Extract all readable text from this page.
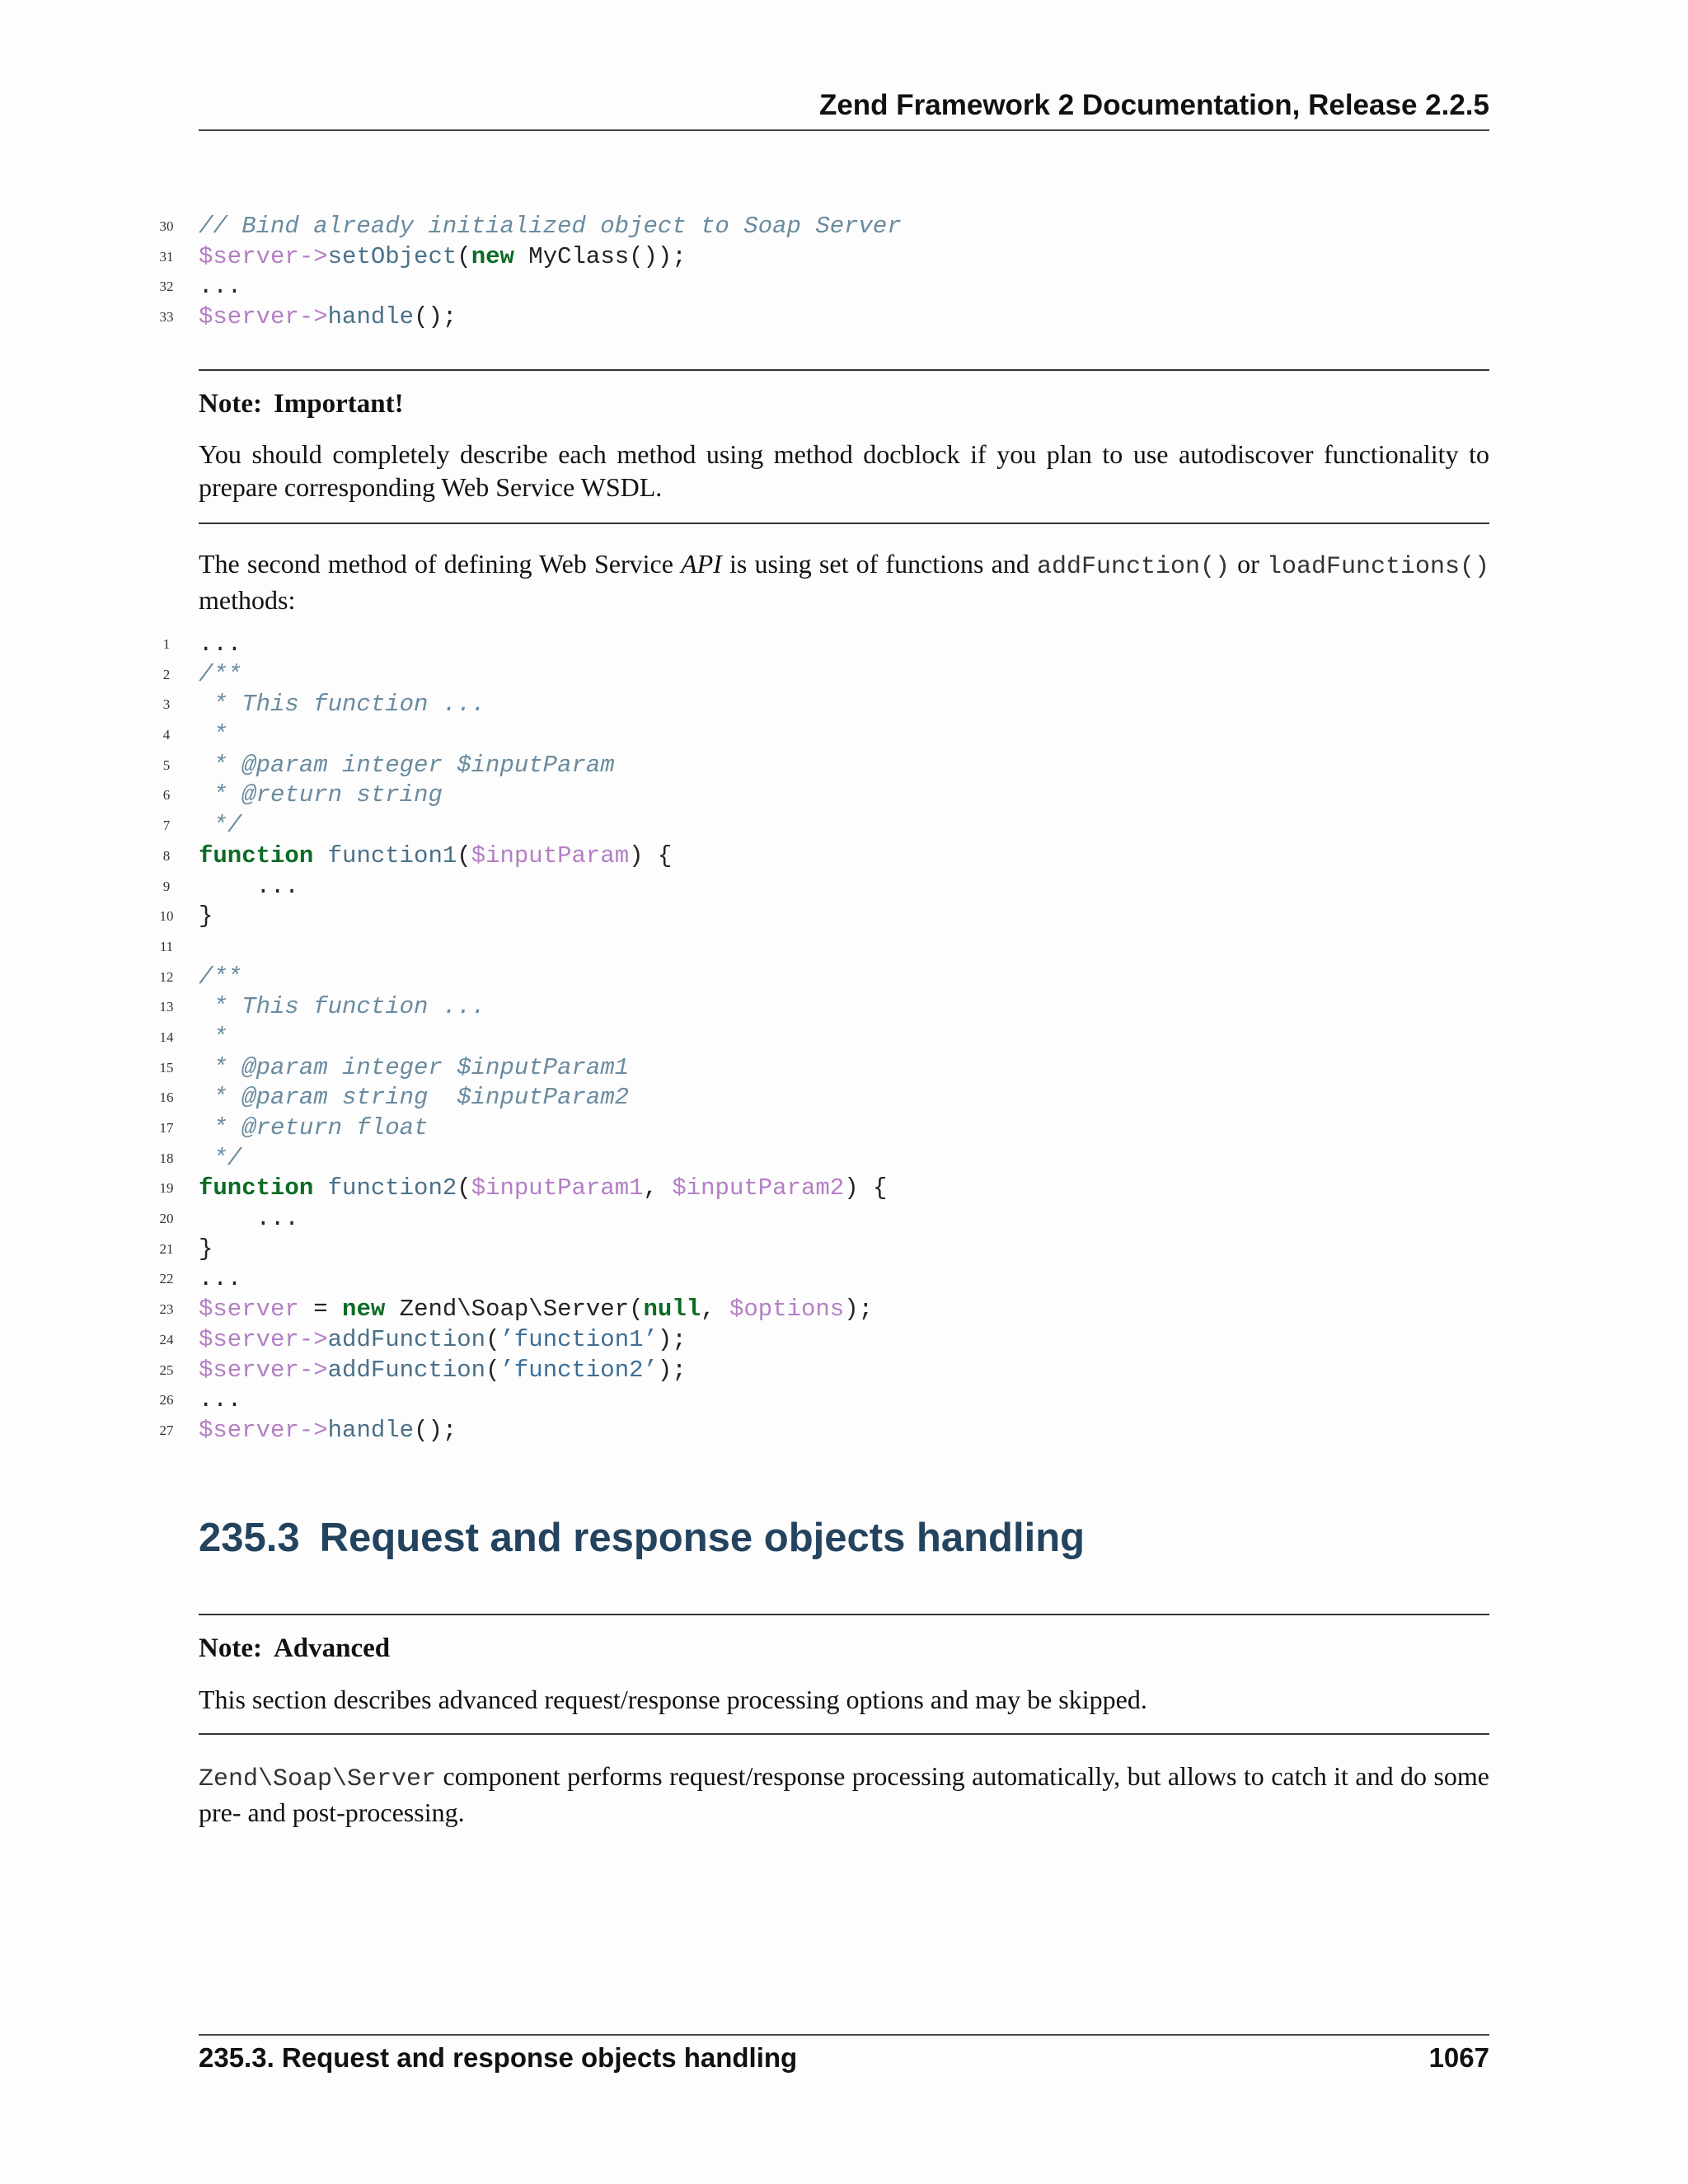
Zend Framework 2 Documentation, Release 2.2.5
30	// Bind already initialized object to Soap Server
31	$server->setObject(new MyClass());
32	...
33	$server->handle();
Note: Important!
You should completely describe each method using method docblock if you plan to use autodiscover functionality to prepare corresponding Web Service WSDL.
The second method of defining Web Service API is using set of functions and addFunction() or loadFunctions() methods:
1	...
2	/**
3	* This function ...
4	*
5	* @param integer $inputParam
6	* @return string
7	*/
8	function function1($inputParam) {
9	...
10	}
11
12	/**
13	* This function ...
14	*
15	* @param integer $inputParam1
16	* @param string  $inputParam2
17	* @return float
18	*/
19	function function2($inputParam1, $inputParam2) {
20	...
21	}
22	...
23	$server = new Zend\Soap\Server(null, $options);
24	$server->addFunction(’function1’);
25	$server->addFunction(’function2’);
26	...
27	$server->handle();
235.3 Request and response objects handling
Note: Advanced
This section describes advanced request/response processing options and may be skipped.
Zend\Soap\Server component performs request/response processing automatically, but allows to catch it and do some pre- and post-processing.
235.3. Request and response objects handling	1067
